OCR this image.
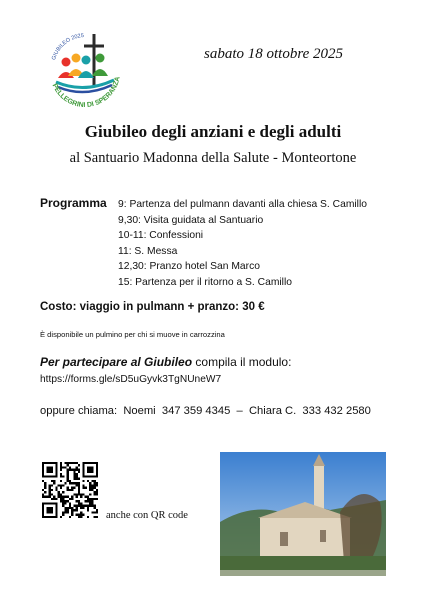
GIUBILEO 2025
PELLEGRINI DI SPERANZA
sabato 18 ottobre 2025
Giubileo degli anziani e degli adulti
al Santuario Madonna della Salute - Monteortone
Programma 9: Partenza del pulmann davanti alla chiesa S. Camillo
9,30: Visita guidata al Santuario
10-11: Confessioni
11: S. Messa
12,30: Pranzo hotel San Marco
15: Partenza per il ritorno a S. Camillo
Costo: viaggio in pulmann + pranzo: 30 €
È disponibile un pulmino per chi si muove in carrozzina
Per partecipare al Giubileo compila il modulo:
https://forms.gle/sD5uGyvk3TgNUneW7
oppure chiama:  Noemi  347 359 4345  –  Chiara C.  333 432 2580
anche con QR code
